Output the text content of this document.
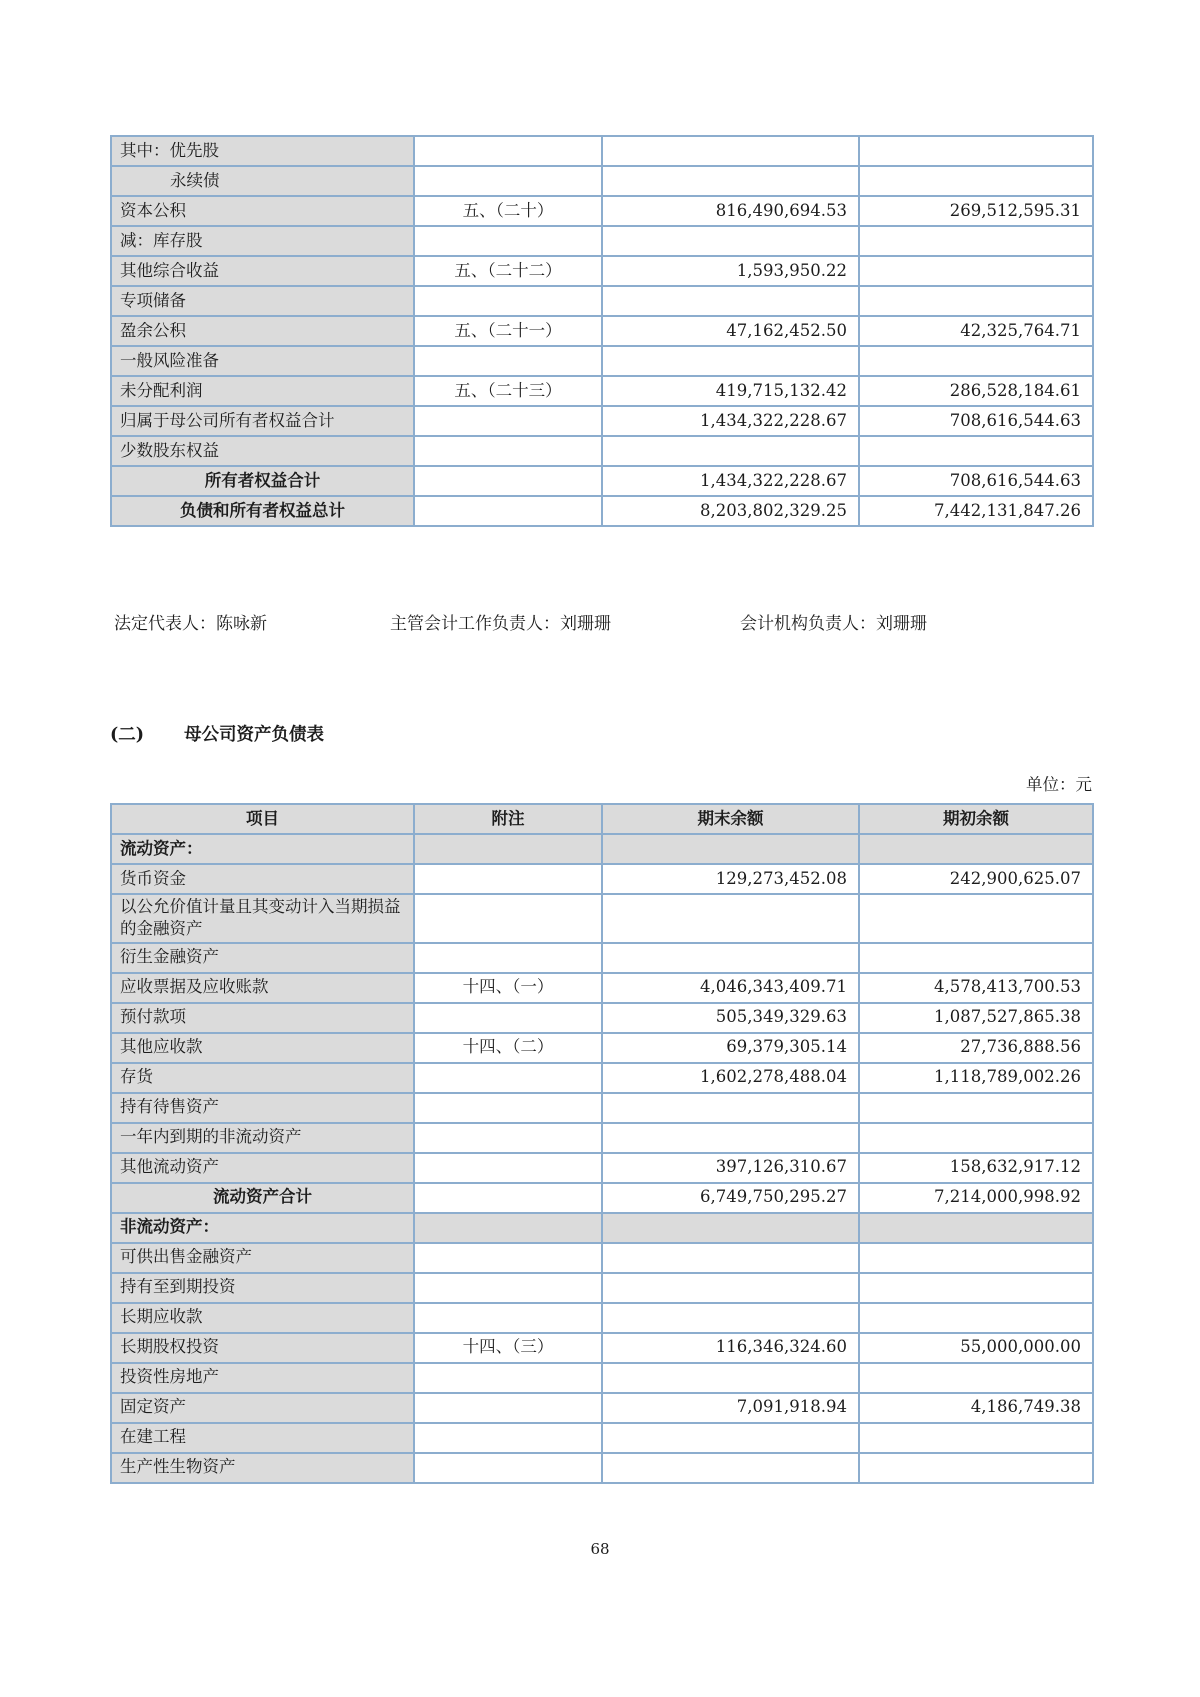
其中：优先股			
永续债			
资本公积	五、（二十）	816,490,694.53	269,512,595.31
减：库存股			
其他综合收益	五、（二十二）	1,593,950.22	
专项储备			
盈余公积	五、（二十一）	47,162,452.50	42,325,764.71
一般风险准备			
未分配利润	五、（二十三）	419,715,132.42	286,528,184.61
归属于母公司所有者权益合计		1,434,322,228.67	708,616,544.63
少数股东权益			
所有者权益合计		1,434,322,228.67	708,616,544.63
负债和所有者权益总计		8,203,802,329.25	7,442,131,847.26
法定代表人：陈咏新	主管会计工作负责人：刘珊珊	会计机构负责人：刘珊珊
(二) 母公司资产负债表
单位：元
项目	附注	期末余额	期初余额
流动资产：			
货币资金		129,273,452.08	242,900,625.07
以公允价值计量且其变动计入当期损益的金融资产			
衍生金融资产			
应收票据及应收账款	十四、（一）	4,046,343,409.71	4,578,413,700.53
预付款项		505,349,329.63	1,087,527,865.38
其他应收款	十四、（二）	69,379,305.14	27,736,888.56
存货		1,602,278,488.04	1,118,789,002.26
持有待售资产			
一年内到期的非流动资产			
其他流动资产		397,126,310.67	158,632,917.12
流动资产合计		6,749,750,295.27	7,214,000,998.92
非流动资产：			
可供出售金融资产			
持有至到期投资			
长期应收款			
长期股权投资	十四、（三）	116,346,324.60	55,000,000.00
投资性房地产			
固定资产		7,091,918.94	4,186,749.38
在建工程			
生产性生物资产			
68
